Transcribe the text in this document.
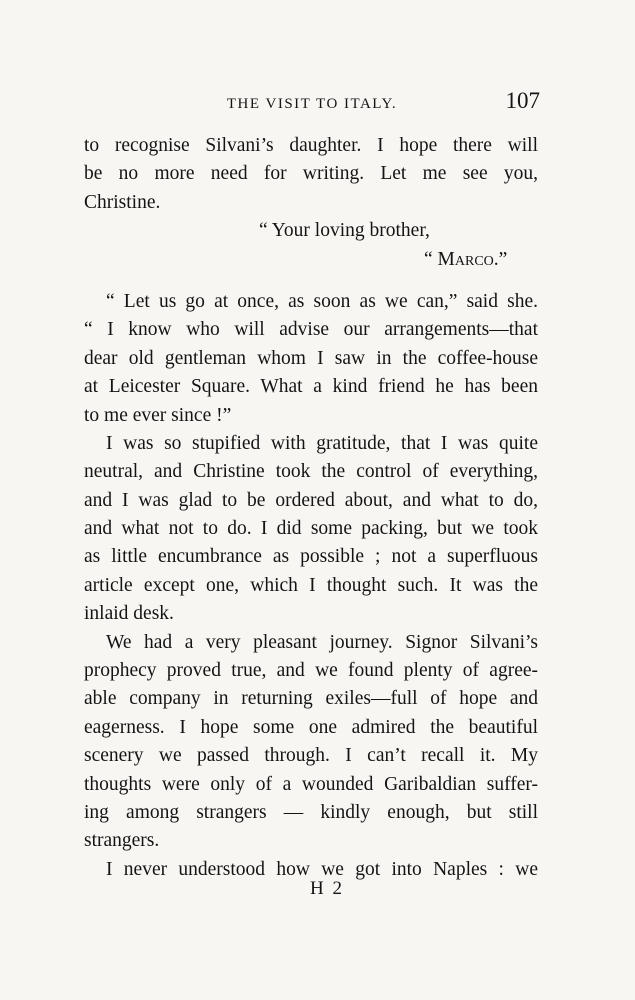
THE VISIT TO ITALY.	107
to recognise Silvani’s daughter. I hope there will
be no more need for writing. Let me see you,
Christine.
“ Your loving brother,
“ Marco.”
“ Let us go at once, as soon as we can,” said she.
“ I know who will advise our arrangements—that
dear old gentleman whom I saw in the coffee-house
at Leicester Square. What a kind friend he has been
to me ever since !”
I was so stupified with gratitude, that I was quite
neutral, and Christine took the control of everything,
and I was glad to be ordered about, and what to do,
and what not to do. I did some packing, but we took
as little encumbrance as possible ; not a superfluous
article except one, which I thought such. It was the
inlaid desk.
We had a very pleasant journey. Signor Silvani’s
prophecy proved true, and we found plenty of agree-
able company in returning exiles—full of hope and
eagerness. I hope some one admired the beautiful
scenery we passed through. I can’t recall it. My
thoughts were only of a wounded Garibaldian suffer-
ing among strangers — kindly enough, but still
strangers.
I never understood how we got into Naples : we
H 2
